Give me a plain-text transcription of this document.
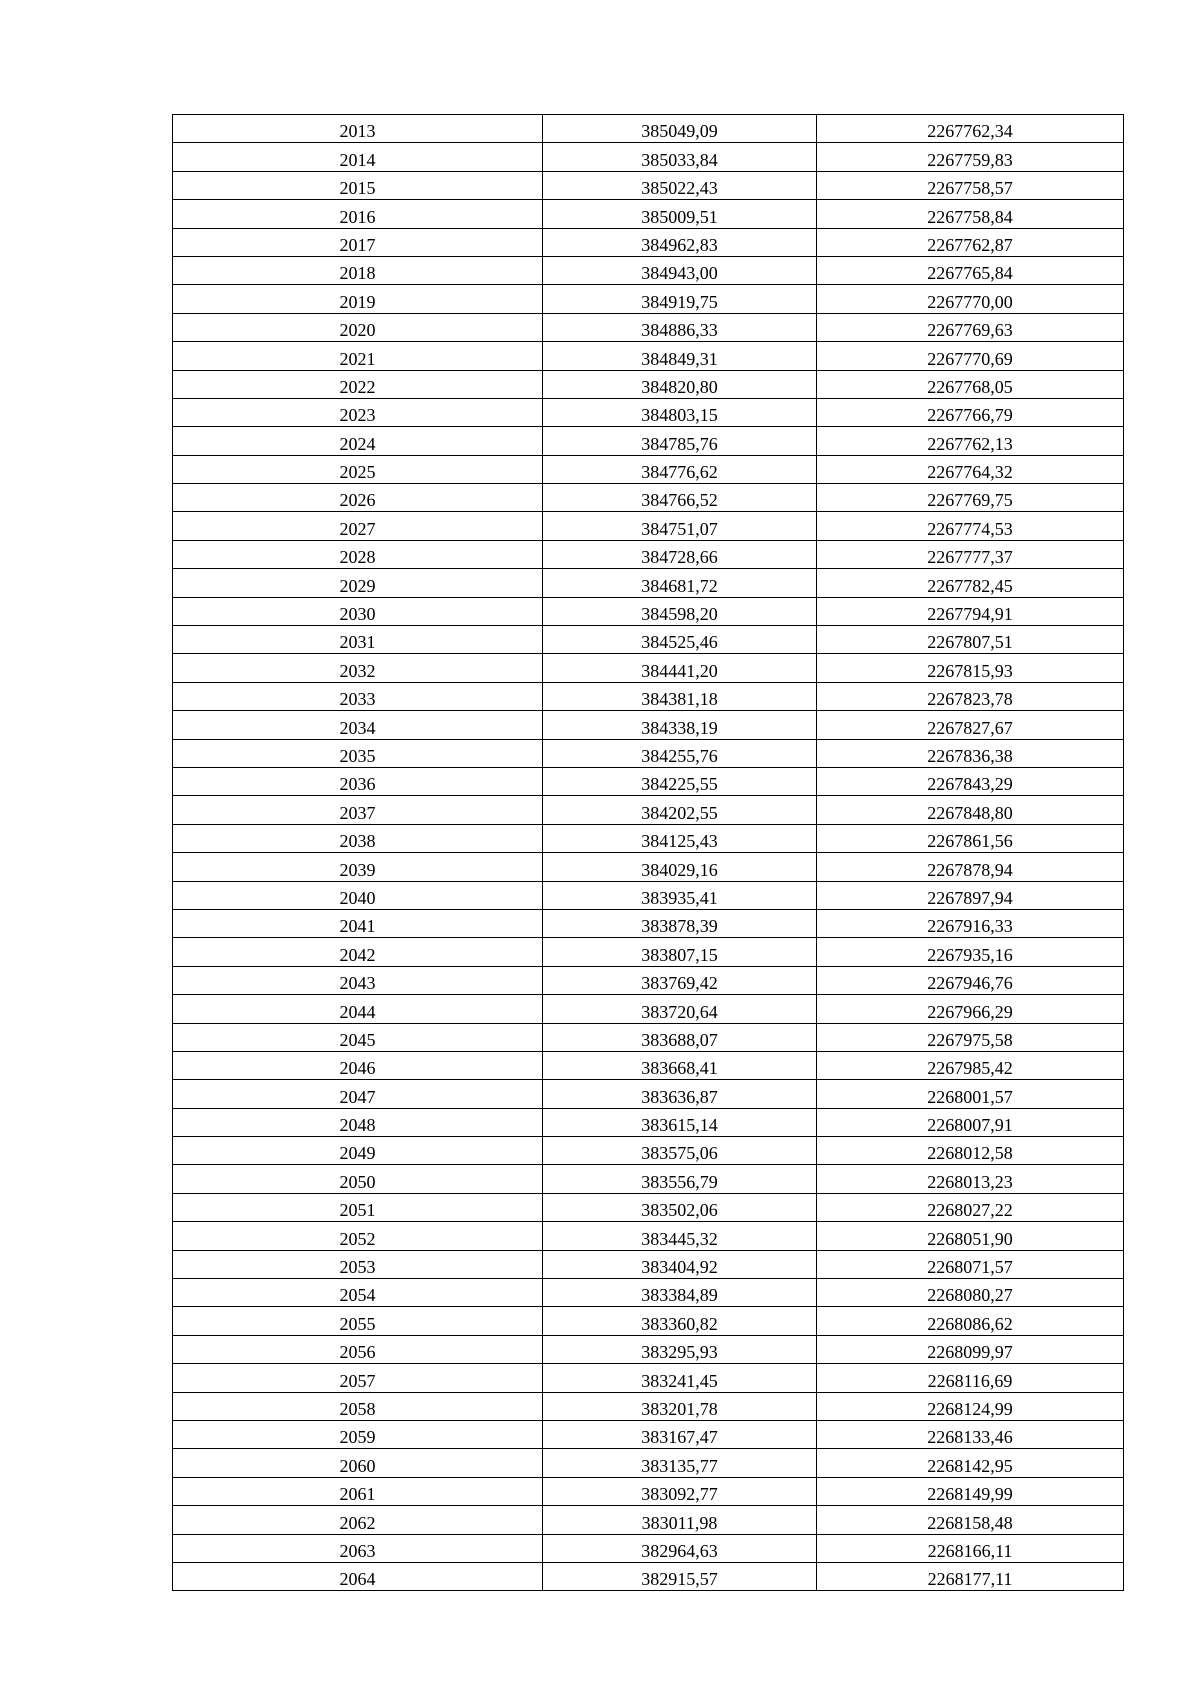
2013	385049,09	2267762,34
2014	385033,84	2267759,83
2015	385022,43	2267758,57
2016	385009,51	2267758,84
2017	384962,83	2267762,87
2018	384943,00	2267765,84
2019	384919,75	2267770,00
2020	384886,33	2267769,63
2021	384849,31	2267770,69
2022	384820,80	2267768,05
2023	384803,15	2267766,79
2024	384785,76	2267762,13
2025	384776,62	2267764,32
2026	384766,52	2267769,75
2027	384751,07	2267774,53
2028	384728,66	2267777,37
2029	384681,72	2267782,45
2030	384598,20	2267794,91
2031	384525,46	2267807,51
2032	384441,20	2267815,93
2033	384381,18	2267823,78
2034	384338,19	2267827,67
2035	384255,76	2267836,38
2036	384225,55	2267843,29
2037	384202,55	2267848,80
2038	384125,43	2267861,56
2039	384029,16	2267878,94
2040	383935,41	2267897,94
2041	383878,39	2267916,33
2042	383807,15	2267935,16
2043	383769,42	2267946,76
2044	383720,64	2267966,29
2045	383688,07	2267975,58
2046	383668,41	2267985,42
2047	383636,87	2268001,57
2048	383615,14	2268007,91
2049	383575,06	2268012,58
2050	383556,79	2268013,23
2051	383502,06	2268027,22
2052	383445,32	2268051,90
2053	383404,92	2268071,57
2054	383384,89	2268080,27
2055	383360,82	2268086,62
2056	383295,93	2268099,97
2057	383241,45	2268116,69
2058	383201,78	2268124,99
2059	383167,47	2268133,46
2060	383135,77	2268142,95
2061	383092,77	2268149,99
2062	383011,98	2268158,48
2063	382964,63	2268166,11
2064	382915,57	2268177,11
